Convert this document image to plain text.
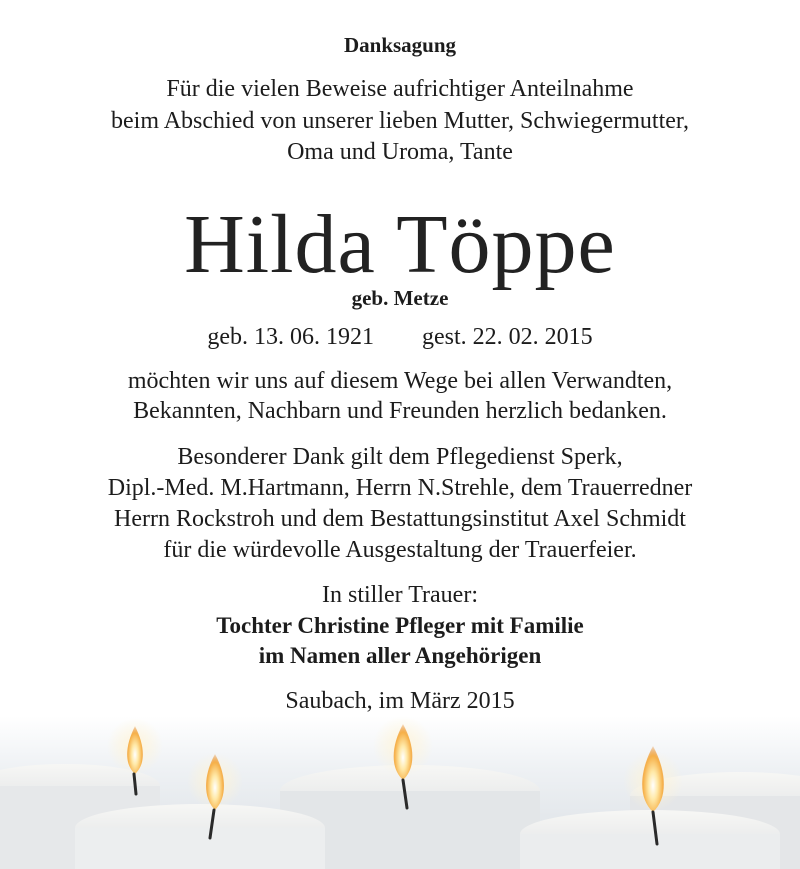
Danksagung
Für die vielen Beweise aufrichtiger Anteilnahme
beim Abschied von unserer lieben Mutter, Schwiegermutter,
Oma und Uroma, Tante
Hilda Töppe
geb. Metze
geb. 13. 06. 1921 gest. 22. 02. 2015
möchten wir uns auf diesem Wege bei allen Verwandten,
Bekannten, Nachbarn und Freunden herzlich bedanken.
Besonderer Dank gilt dem Pflegedienst Sperk,
Dipl.-Med. M.Hartmann, Herrn N.Strehle, dem Trauerredner
Herrn Rockstroh und dem Bestattungsinstitut Axel Schmidt
für die würdevolle Ausgestaltung der Trauerfeier.
In stiller Trauer:
Tochter Christine Pfleger mit Familie
im Namen aller Angehörigen
Saubach, im März 2015
